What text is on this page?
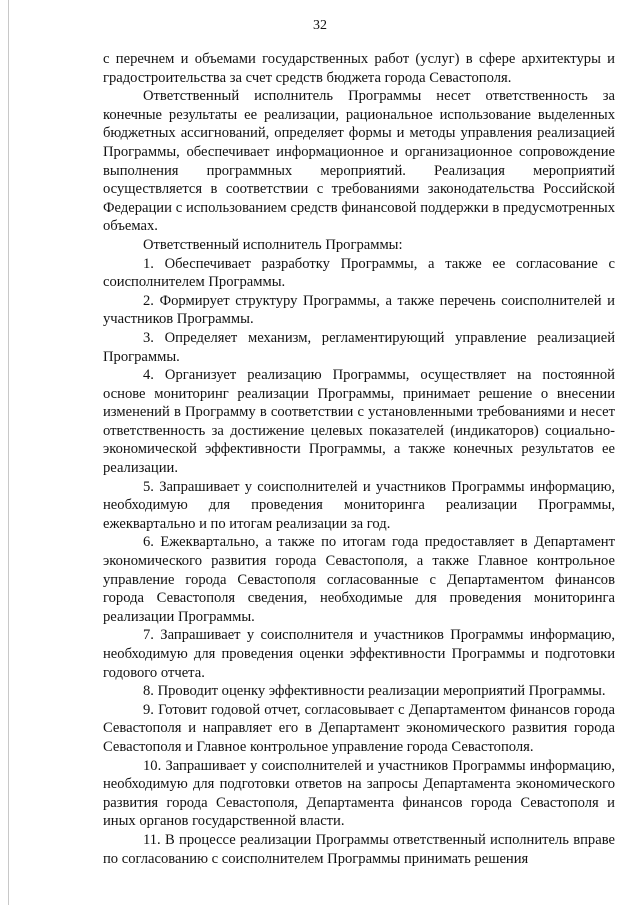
32

с перечнем и объемами государственных работ (услуг) в сфере архитектуры и градостроительства за счет средств бюджета города Севастополя.

Ответственный исполнитель Программы несет ответственность за конечные результаты ее реализации, рациональное использование выделенных бюджетных ассигнований, определяет формы и методы управления реализацией Программы, обеспечивает информационное и организационное сопровождение выполнения программных мероприятий. Реализация мероприятий осуществляется в соответствии с требованиями законодательства Российской Федерации с использованием средств финансовой поддержки в предусмотренных объемах.

Ответственный исполнитель Программы:

1. Обеспечивает разработку Программы, а также ее согласование с соисполнителем Программы.

2. Формирует структуру Программы, а также перечень соисполнителей и участников Программы.

3. Определяет механизм, регламентирующий управление реализацией Программы.

4. Организует реализацию Программы, осуществляет на постоянной основе мониторинг реализации Программы, принимает решение о внесении изменений в Программу в соответствии с установленными требованиями и несет ответственность за достижение целевых показателей (индикаторов) социально-экономической эффективности Программы, а также конечных результатов ее реализации.

5. Запрашивает у соисполнителей и участников Программы информацию, необходимую для проведения мониторинга реализации Программы, ежеквартально и по итогам реализации за год.

6. Ежеквартально, а также по итогам года предоставляет в Департамент экономического развития города Севастополя, а также Главное контрольное управление города Севастополя согласованные с Департаментом финансов города Севастополя сведения, необходимые для проведения мониторинга реализации Программы.

7. Запрашивает у соисполнителя и участников Программы информацию, необходимую для проведения оценки эффективности Программы и подготовки годового отчета.

8. Проводит оценку эффективности реализации мероприятий Программы.

9. Готовит годовой отчет, согласовывает с Департаментом финансов города Севастополя и направляет его в Департамент экономического развития города Севастополя и Главное контрольное управление города Севастополя.

10. Запрашивает у соисполнителей и участников Программы информацию, необходимую для подготовки ответов на запросы Департамента экономического развития города Севастополя, Департамента финансов города Севастополя и иных органов государственной власти.

11. В процессе реализации Программы ответственный исполнитель вправе по согласованию с соисполнителем Программы принимать решения
